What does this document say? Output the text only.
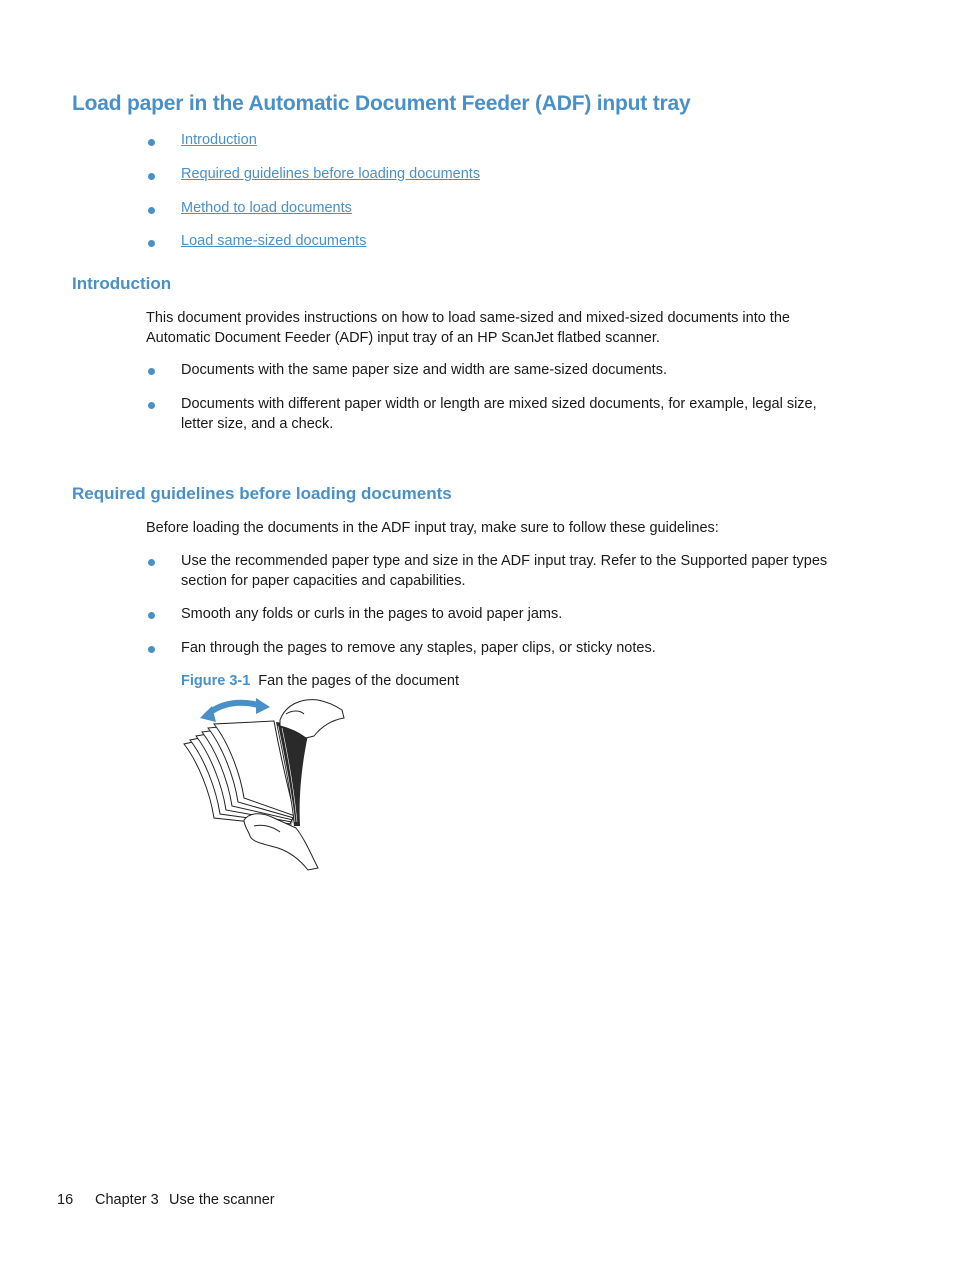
Load paper in the Automatic Document Feeder (ADF) input tray
Introduction
Required guidelines before loading documents
Method to load documents
Load same-sized documents
Introduction
This document provides instructions on how to load same-sized and mixed-sized documents into the
Automatic Document Feeder (ADF) input tray of an HP ScanJet flatbed scanner.

Documents with the same paper size and width are same-sized documents.

Documents with different paper width or length are mixed sized documents, for example, legal size, letter size, and a check.

Required guidelines before loading documents

Before loading the documents in the ADF input tray, make sure to follow these guidelines:

Use the recommended paper type and size in the ADF input tray. Refer to the Supported paper types section for paper capacities and capabilities.

Smooth any folds or curls in the pages to avoid paper jams.

Fan through the pages to remove any staples, paper clips, or sticky notes.

Figure 3-1 Fan the pages of the document
16 Chapter 3 Use the scanner
